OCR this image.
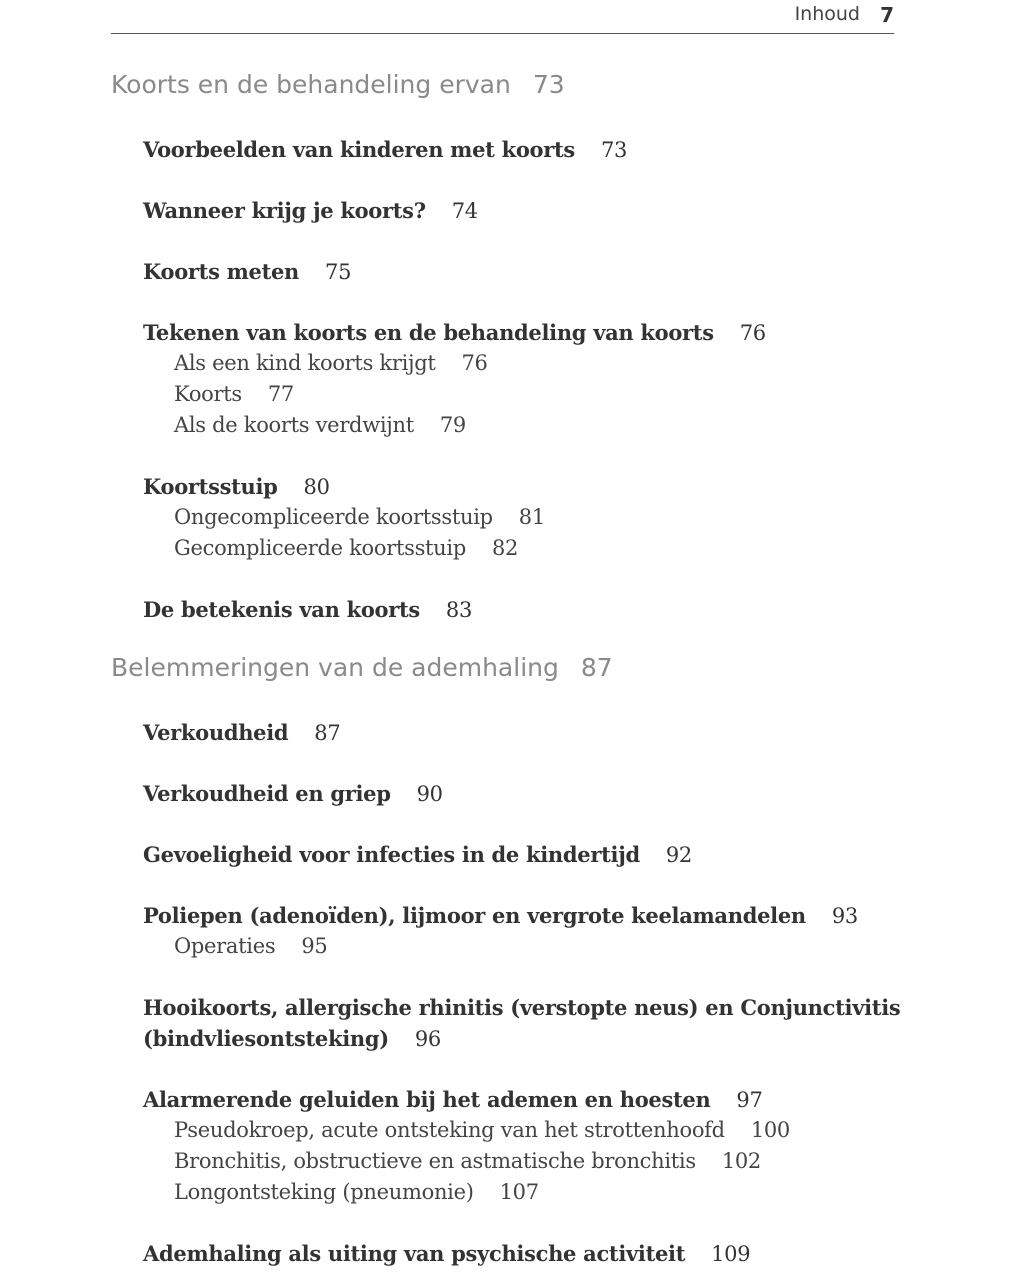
Inhoud 7
Koorts en de behandeling ervan 73
Voorbeelden van kinderen met koorts 73
Wanneer krijg je koorts? 74
Koorts meten 75
Tekenen van koorts en de behandeling van koorts 76
Als een kind koorts krijgt 76
Koorts 77
Als de koorts verdwijnt 79
Koortsstuip 80
Ongecompliceerde koortsstuip 81
Gecompliceerde koortsstuip 82
De betekenis van koorts 83
Belemmeringen van de ademhaling 87
Verkoudheid 87
Verkoudheid en griep 90
Gevoeligheid voor infecties in de kindertijd 92
Poliepen (adenoïden), lijmoor en vergrote keelamandelen 93
Operaties 95
Hooikoorts, allergische rhinitis (verstopte neus) en Conjunctivitis
(bindvliesontsteking) 96
Alarmerende geluiden bij het ademen en hoesten 97
Pseudokroep, acute ontsteking van het strottenhoofd 100
Bronchitis, obstructieve en astmatische bronchitis 102
Longontsteking (pneumonie) 107
Ademhaling als uiting van psychische activiteit 109
